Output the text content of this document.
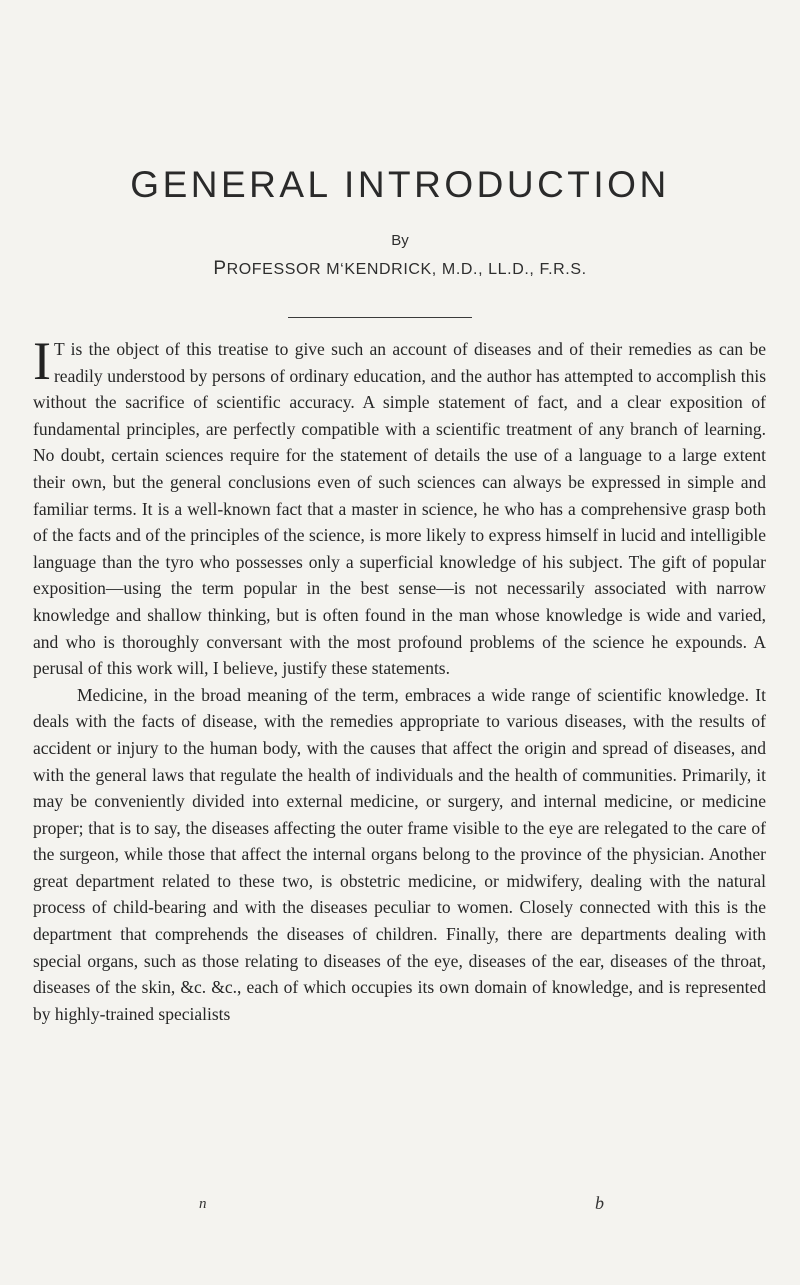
GENERAL INTRODUCTION
By
PROFESSOR M‘KENDRICK, M.D., LL.D., F.R.S.

I T is the object of this treatise to give such an account of diseases and of their remedies as can be readily understood by persons of ordinary education, and the author has attempted to accomplish this without the sacrifice of scientific accuracy. A simple statement of fact, and a clear exposition of fundamental principles, are perfectly compatible with a scientific treatment of any branch of learning. No doubt, certain sciences require for the statement of details the use of a language to a large extent their own, but the general conclusions even of such sciences can always be expressed in simple and familiar terms. It is a well-known fact that a master in science, he who has a comprehensive grasp both of the facts and of the principles of the science, is more likely to express himself in lucid and intelligible language than the tyro who possesses only a superficial knowledge of his subject. The gift of popular exposition—using the term popular in the best sense—is not necessarily associated with narrow knowledge and shallow thinking, but is often found in the man whose knowledge is wide and varied, and who is thoroughly conversant with the most profound problems of the science he expounds. A perusal of this work will, I believe, justify these statements.

Medicine, in the broad meaning of the term, embraces a wide range of scientific knowledge. It deals with the facts of disease, with the remedies appropriate to various diseases, with the results of accident or injury to the human body, with the causes that affect the origin and spread of diseases, and with the general laws that regulate the health of individuals and the health of communities. Primarily, it may be conveniently divided into external medicine, or surgery, and internal medicine, or medicine proper; that is to say, the diseases affecting the outer frame visible to the eye are relegated to the care of the surgeon, while those that affect the internal organs belong to the province of the physician. Another great department related to these two, is obstetric medicine, or midwifery, dealing with the natural process of child-bearing and with the diseases peculiar to women. Closely connected with this is the department that comprehends the diseases of children. Finally, there are departments dealing with special organs, such as those relating to diseases of the eye, diseases of the ear, diseases of the throat, diseases of the skin, &c. &c., each of which occupies its own domain of knowledge, and is represented by highly-trained specialists

n	b
